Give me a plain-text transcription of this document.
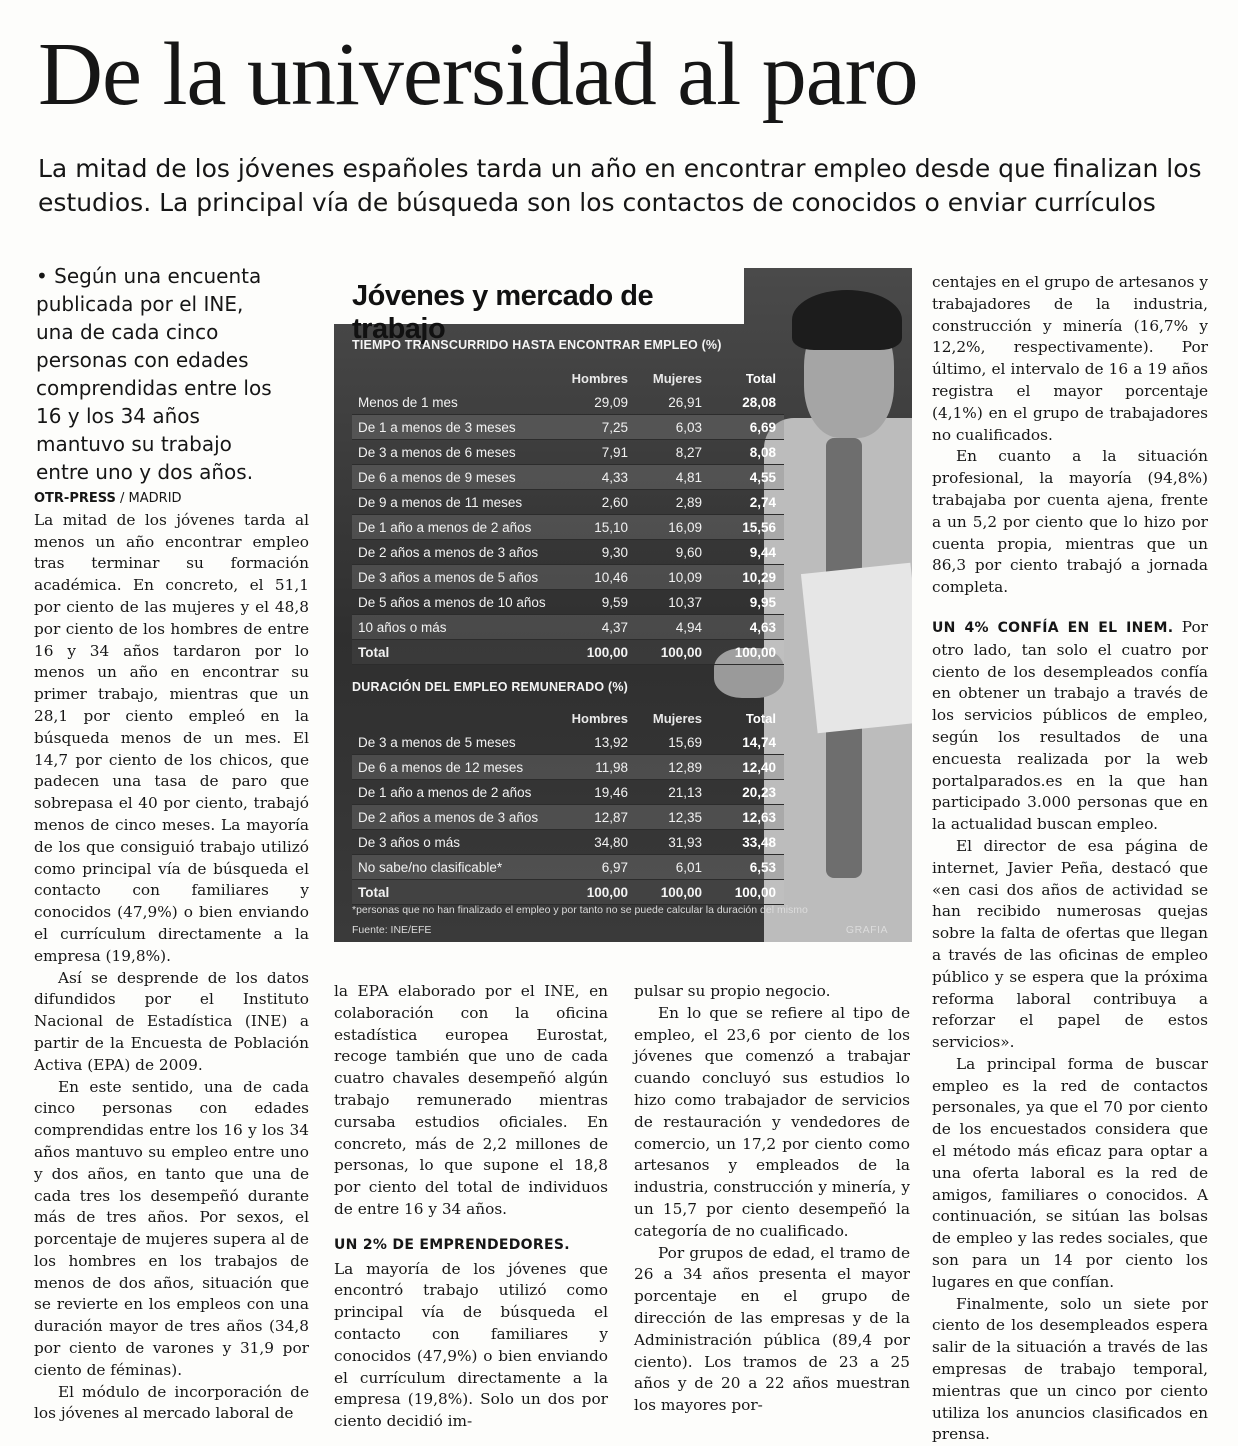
De la universidad al paro

La mitad de los jóvenes españoles tarda un año en encontrar empleo desde que finalizan los estudios. La principal vía de búsqueda son los contactos de conocidos o enviar currículos

• Según una encuenta publicada por el INE, una de cada cinco personas con edades comprendidas entre los 16 y los 34 años mantuvo su trabajo entre uno y dos años.

OTR-PRESS / MADRID

La mitad de los jóvenes tarda al menos un año encontrar empleo tras terminar su formación académica. En concreto, el 51,1 por ciento de las mujeres y el 48,8 por ciento de los hombres de entre 16 y 34 años tardaron por lo menos un año en encontrar su primer trabajo, mientras que un 28,1 por ciento empleó en la búsqueda menos de un mes. El 14,7 por ciento de los chicos, que padecen una tasa de paro que sobrepasa el 40 por ciento, trabajó menos de cinco meses. La mayoría de los que consiguió trabajo utilizó como principal vía de búsqueda el contacto con familiares y conocidos (47,9%) o bien enviando el currículum directamente a la empresa (19,8%).

Así se desprende de los datos difundidos por el Instituto Nacional de Estadística (INE) a partir de la Encuesta de Población Activa (EPA) de 2009.

En este sentido, una de cada cinco personas con edades comprendidas entre los 16 y los 34 años mantuvo su empleo entre uno y dos años, en tanto que una de cada tres los desempeñó durante más de tres años. Por sexos, el porcentaje de mujeres supera al de los hombres en los trabajos de menos de dos años, situación que se revierte en los empleos con una duración mayor de tres años (34,8 por ciento de varones y 31,9 por ciento de féminas).

El módulo de incorporación de los jóvenes al mercado laboral de

Jóvenes y mercado de trabajo
TIEMPO TRANSCURRIDO HASTA ENCONTRAR EMPLEO (%)
Hombres	Mujeres	Total
Menos de 1 mes	29,09	26,91	28,08
De 1 a menos de 3 meses	7,25	6,03	6,69
De 3 a menos de 6 meses	7,91	8,27	8,08
De 6 a menos de 9 meses	4,33	4,81	4,55
De 9 a menos de 11 meses	2,60	2,89	2,74
De 1 año a menos de 2 años	15,10	16,09	15,56
De 2 años a menos de 3 años	9,30	9,60	9,44
De 3 años a menos de 5 años	10,46	10,09	10,29
De 5 años a menos de 10 años	9,59	10,37	9,95
10 años o más	4,37	4,94	4,63
Total	100,00	100,00	100,00
DURACIÓN DEL EMPLEO REMUNERADO (%)
Hombres	Mujeres	Total
De 3 a menos de 5 meses	13,92	15,69	14,74
De 6 a menos de 12 meses	11,98	12,89	12,40
De 1 año a menos de 2 años	19,46	21,13	20,23
De 2 años a menos de 3 años	12,87	12,35	12,63
De 3 años o más	34,80	31,93	33,48
No sabe/no clasificable*	6,97	6,01	6,53
Total	100,00	100,00	100,00
*personas que no han finalizado el empleo y por tanto no se puede calcular la duración del mismo
Fuente: INE/EFE	GRAFIA

la EPA elaborado por el INE, en colaboración con la oficina estadística europea Eurostat, recoge también que uno de cada cuatro chavales desempeñó algún trabajo remunerado mientras cursaba estudios oficiales. En concreto, más de 2,2 millones de personas, lo que supone el 18,8 por ciento del total de individuos de entre 16 y 34 años.

UN 2% DE EMPRENDEDORES.

La mayoría de los jóvenes que encontró trabajo utilizó como principal vía de búsqueda el contacto con familiares y conocidos (47,9%) o bien enviando el currículum directamente a la empresa (19,8%). Solo un dos por ciento decidió im-

pulsar su propio negocio.

En lo que se refiere al tipo de empleo, el 23,6 por ciento de los jóvenes que comenzó a trabajar cuando concluyó sus estudios lo hizo como trabajador de servicios de restauración y vendedores de comercio, un 17,2 por ciento como artesanos y empleados de la industria, construcción y minería, y un 15,7 por ciento desempeñó la categoría de no cualificado.

Por grupos de edad, el tramo de 26 a 34 años presenta el mayor porcentaje en el grupo de dirección de las empresas y de la Administración pública (89,4 por ciento). Los tramos de 23 a 25 años y de 20 a 22 años muestran los mayores por-

centajes en el grupo de artesanos y trabajadores de la industria, construcción y minería (16,7% y 12,2%, respectivamente). Por último, el intervalo de 16 a 19 años registra el mayor porcentaje (4,1%) en el grupo de trabajadores no cualificados.

En cuanto a la situación profesional, la mayoría (94,8%) trabajaba por cuenta ajena, frente a un 5,2 por ciento que lo hizo por cuenta propia, mientras que un 86,3 por ciento trabajó a jornada completa.

UN 4% CONFÍA EN EL INEM. Por otro lado, tan solo el cuatro por ciento de los desempleados confía en obtener un trabajo a través de los servicios públicos de empleo, según los resultados de una encuesta realizada por la web portalparados.es en la que han participado 3.000 personas que en la actualidad buscan empleo.

El director de esa página de internet, Javier Peña, destacó que «en casi dos años de actividad se han recibido numerosas quejas sobre la falta de ofertas que llegan a través de las oficinas de empleo público y se espera que la próxima reforma laboral contribuya a reforzar el papel de estos servicios».

La principal forma de buscar empleo es la red de contactos personales, ya que el 70 por ciento de los encuestados considera que el método más eficaz para optar a una oferta laboral es la red de amigos, familiares o conocidos. A continuación, se sitúan las bolsas de empleo y las redes sociales, que son para un 14 por ciento los lugares en que confían.

Finalmente, solo un siete por ciento de los desempleados espera salir de la situación a través de las empresas de trabajo temporal, mientras que un cinco por ciento utiliza los anuncios clasificados en prensa.
